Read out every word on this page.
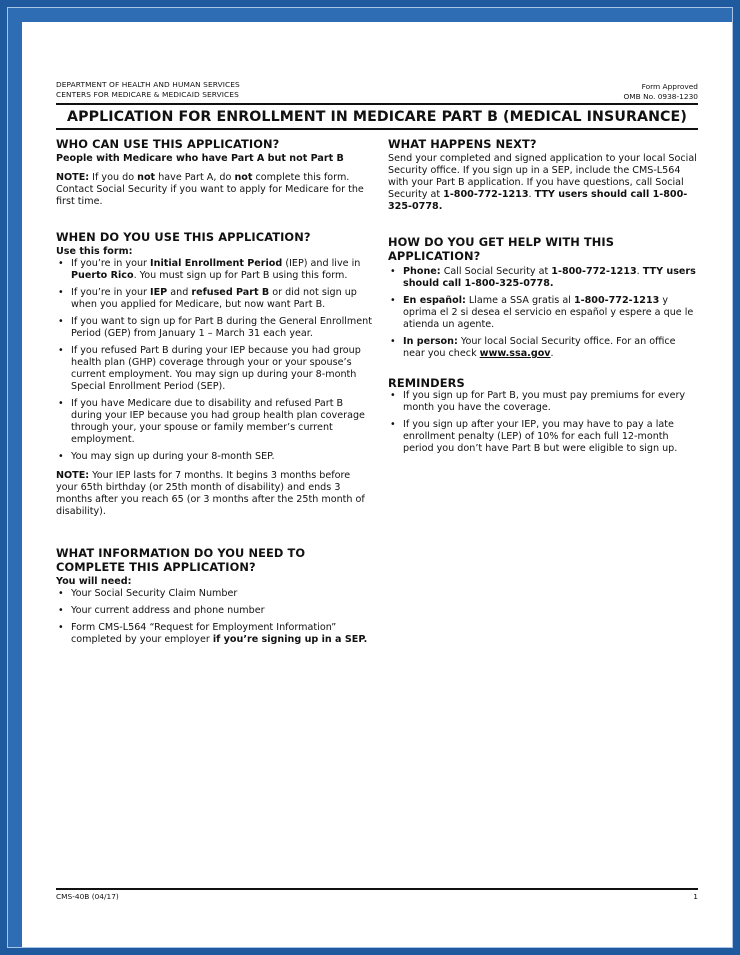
DEPARTMENT OF HEALTH AND HUMAN SERVICES
CENTERS FOR MEDICARE & MEDICAID SERVICES
Form Approved
OMB No. 0938-1230
APPLICATION FOR ENROLLMENT IN MEDICARE PART B (MEDICAL INSURANCE)
WHO CAN USE THIS APPLICATION?

People with Medicare who have Part A but not Part B

NOTE: If you do not have Part A, do not complete this form. Contact Social Security if you want to apply for Medicare for the first time.

WHEN DO YOU USE THIS APPLICATION?

Use this form:

• If you’re in your Initial Enrollment Period (IEP) and live in Puerto Rico. You must sign up for Part B using this form.
• If you’re in your IEP and refused Part B or did not sign up when you applied for Medicare, but now want Part B.
• If you want to sign up for Part B during the General Enrollment Period (GEP) from January 1 – March 31 each year.
• If you refused Part B during your IEP because you had group health plan (GHP) coverage through your or your spouse’s current employment. You may sign up during your 8-month Special Enrollment Period (SEP).
• If you have Medicare due to disability and refused Part B during your IEP because you had group health plan coverage through your, your spouse or family member’s current employment.
• You may sign up during your 8-month SEP.

NOTE: Your IEP lasts for 7 months. It begins 3 months before your 65th birthday (or 25th month of disability) and ends 3 months after you reach 65 (or 3 months after the 25th month of disability).

WHAT INFORMATION DO YOU NEED TO COMPLETE THIS APPLICATION?

You will need:

• Your Social Security Claim Number
• Your current address and phone number
• Form CMS-L564 “Request for Employment Information” completed by your employer if you’re signing up in a SEP.
WHAT HAPPENS NEXT?

Send your completed and signed application to your local Social Security office. If you sign up in a SEP, include the CMS-L564 with your Part B application. If you have questions, call Social Security at 1-800-772-1213. TTY users should call 1-800-325-0778.

HOW DO YOU GET HELP WITH THIS APPLICATION?
• Phone: Call Social Security at 1-800-772-1213. TTY users should call 1-800-325-0778.
• En español: Llame a SSA gratis al 1-800-772-1213 y oprima el 2 si desea el servicio en español y espere a que le atienda un agente.
• In person: Your local Social Security office. For an office near you check www.ssa.gov.
REMINDERS
• If you sign up for Part B, you must pay premiums for every month you have the coverage.
• If you sign up after your IEP, you may have to pay a late enrollment penalty (LEP) of 10% for each full 12-month period you don’t have Part B but were eligible to sign up.
CMS-40B (04/17)	1
